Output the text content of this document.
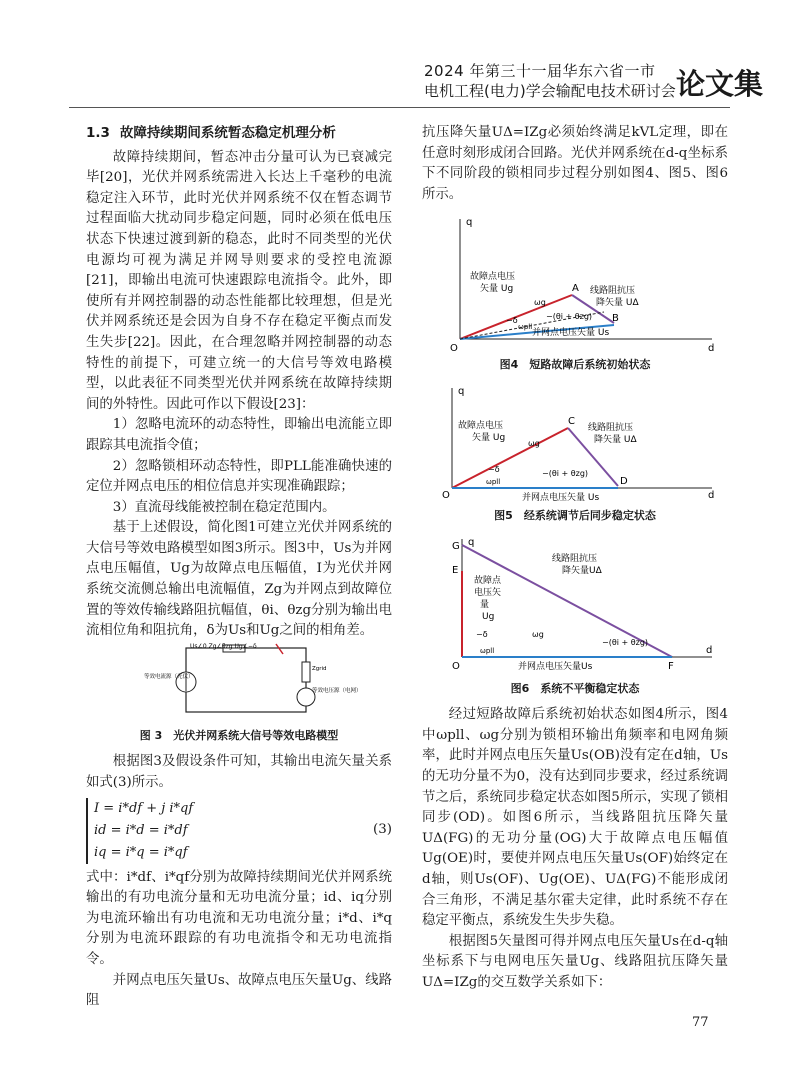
2024 年第三十一届华东六省一市
电机工程(电力)学会输配电技术研讨会 论文集
1.3 故障持续期间系统暂态稳定机理分析

故障持续期间，暂态冲击分量可认为已衰减完毕[20]，光伏并网系统需进入长达上千毫秒的电流稳定注入环节，此时光伏并网系统不仅在暂态调节过程面临大扰动同步稳定问题，同时必须在低电压状态下快速过渡到新的稳态，此时不同类型的光伏电源均可视为满足并网导则要求的受控电流源[21]，即输出电流可快速跟踪电流指令。此外，即使所有并网控制器的动态性能都比较理想，但是光伏并网系统还是会因为自身不存在稳定平衡点而发生失步[22]。因此，在合理忽略并网控制器的动态特性的前提下，可建立统一的大信号等效电路模型，以此表征不同类型光伏并网系统在故障持续期间的外特性。因此可作以下假设[23]：

1）忽略电流环的动态特性，即输出电流能立即跟踪其电流指令值；

2）忽略锁相环动态特性，即PLL能准确快速的定位并网点电压的相位信息并实现准确跟踪；

3）直流母线能被控制在稳定范围内。

基于上述假设，简化图1可建立光伏并网系统的大信号等效电路模型如图3所示。图3中，Us为并网点电压幅值，Ug为故障点电压幅值，I为光伏并网系统交流侧总输出电流幅值，Zg为并网点到故障位置的等效传输线路阻抗幅值，θi、θzg分别为输出电流相位角和阻抗角，δ为Us和Ug之间的相角差。

Us∠0 Zg∠θzg Ug∠−δ
等效电流源（光伏）
等效电压源（电网）
Zgrid
图 3　光伏并网系统大信号等效电路模型

根据图3及假设条件可知，其输出电流矢量关系如式(3)所示。

I = i*df + j i*qf
id = i*d = i*df
iq = i*q = i*qf
(3)

式中：i*df、i*qf分别为故障持续期间光伏并网系统输出的有功电流分量和无功电流分量；id、iq分别为电流环输出有功电流和无功电流分量；i*d、i*q分别为电流环跟踪的有功电流指令和无功电流指令。

并网点电压矢量Us、故障点电压矢量Ug、线路阻

抗压降矢量UΔ=IZg必须始终满足kVL定理，即在任意时刻形成闭合回路。光伏并网系统在d-q坐标系下不同阶段的锁相同步过程分别如图4、图5、图6所示。

q
d
O
A
B
故障点电压
矢量 Ug	线路阻抗压
降矢量 UΔ
并网点电压矢量 Us
−δ
ωg
ωpll
−(θi + θzg)
图4　短路故障后系统初始状态
q
d
O
C
D
故障点电压
矢量 Ug
线路阻抗压
降矢量 UΔ
并网点电压矢量 Us
−δ
ωg
ωpll
−(θi + θzg)
图5　经系统调节后同步稳定状态
q
d
O
G
E
F
故障点
电压矢
量
Ug
线路阻抗压
降矢量UΔ
并网点电压矢量Us
−δ	ωg
ωpll
−(θi + θzg)
图6　系统不平衡稳定状态

经过短路故障后系统初始状态如图4所示，图4中ωpll、ωg分别为锁相环输出角频率和电网角频率，此时并网点电压矢量Us(OB)没有定在d轴，Us的无功分量不为0，没有达到同步要求，经过系统调节之后，系统同步稳定状态如图5所示，实现了锁相同步(OD)。如图6所示，当线路阻抗压降矢量UΔ(FG)的无功分量(OG)大于故障点电压幅值Ug(OE)时，要使并网点电压矢量Us(OF)始终定在d轴，则Us(OF)、Ug(OE)、UΔ(FG)不能形成闭合三角形，不满足基尔霍夫定律，此时系统不存在稳定平衡点，系统发生失步失稳。

根据图5矢量图可得并网点电压矢量Us在d-q轴坐标系下与电网电压矢量Ug、线路阻抗压降矢量UΔ=IZg的交互数学关系如下：

77
